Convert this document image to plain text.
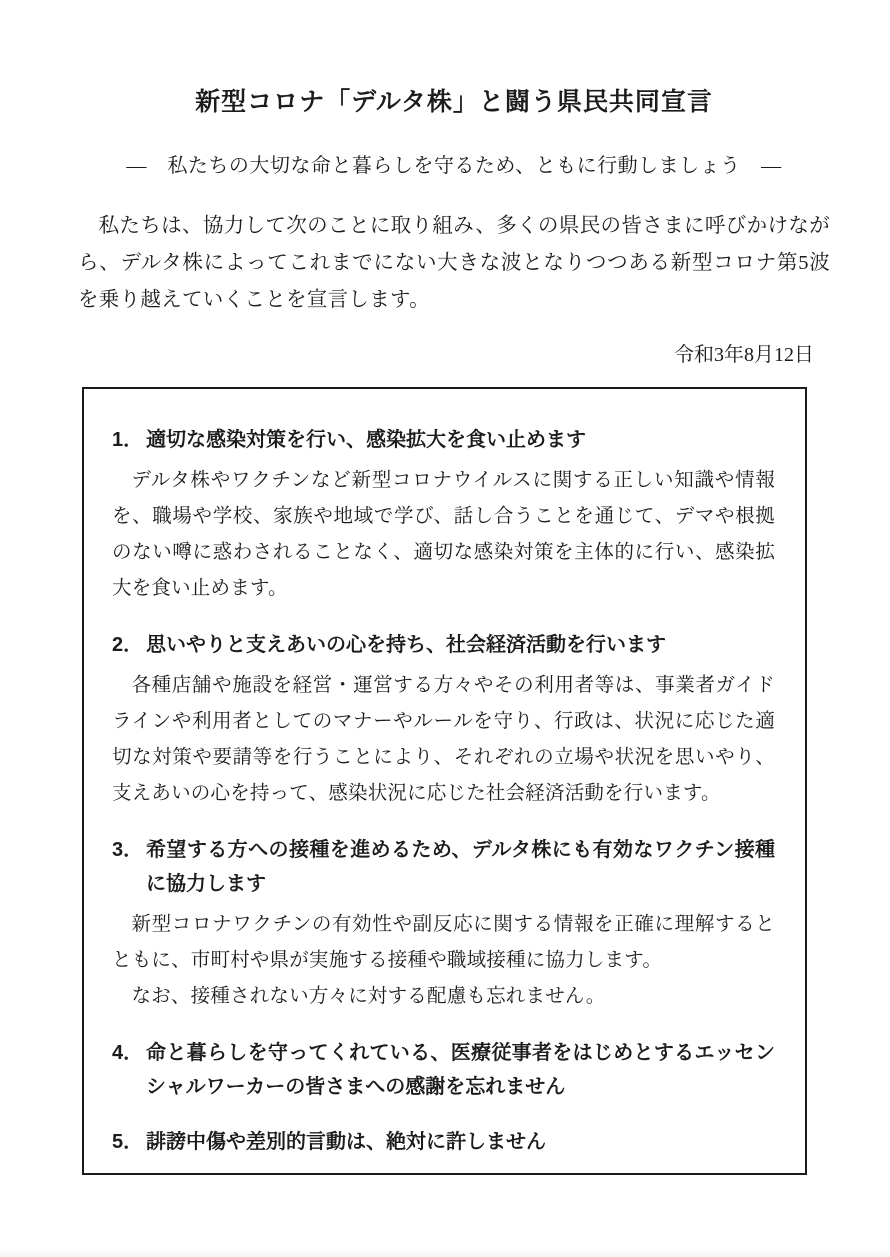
新型コロナ「デルタ株」と闘う県民共同宣言
―　私たちの大切な命と暮らしを守るため、ともに行動しましょう　―

私たちは、協力して次のことに取り組み、多くの県民の皆さまに呼びかけながら、デルタ株によってこれまでにない大きな波となりつつある新型コロナ第5波を乗り越えていくことを宣言します。

令和3年8月12日
1． 適切な感染対策を行い、感染拡大を食い止めます

デルタ株やワクチンなど新型コロナウイルスに関する正しい知識や情報を、職場や学校、家族や地域で学び、話し合うことを通じて、デマや根拠のない噂に惑わされることなく、適切な感染対策を主体的に行い、感染拡大を食い止めます。

2． 思いやりと支えあいの心を持ち、社会経済活動を行います

各種店舗や施設を経営・運営する方々やその利用者等は、事業者ガイドラインや利用者としてのマナーやルールを守り、行政は、状況に応じた適切な対策や要請等を行うことにより、それぞれの立場や状況を思いやり、支えあいの心を持って、感染状況に応じた社会経済活動を行います。

3． 希望する方への接種を進めるため、デルタ株にも有効なワクチン接種に協力します

新型コロナワクチンの有効性や副反応に関する情報を正確に理解するとともに、市町村や県が実施する接種や職域接種に協力します。

なお、接種されない方々に対する配慮も忘れません。

4． 命と暮らしを守ってくれている、医療従事者をはじめとするエッセンシャルワーカーの皆さまへの感謝を忘れません
5． 誹謗中傷や差別的言動は、絶対に許しません
